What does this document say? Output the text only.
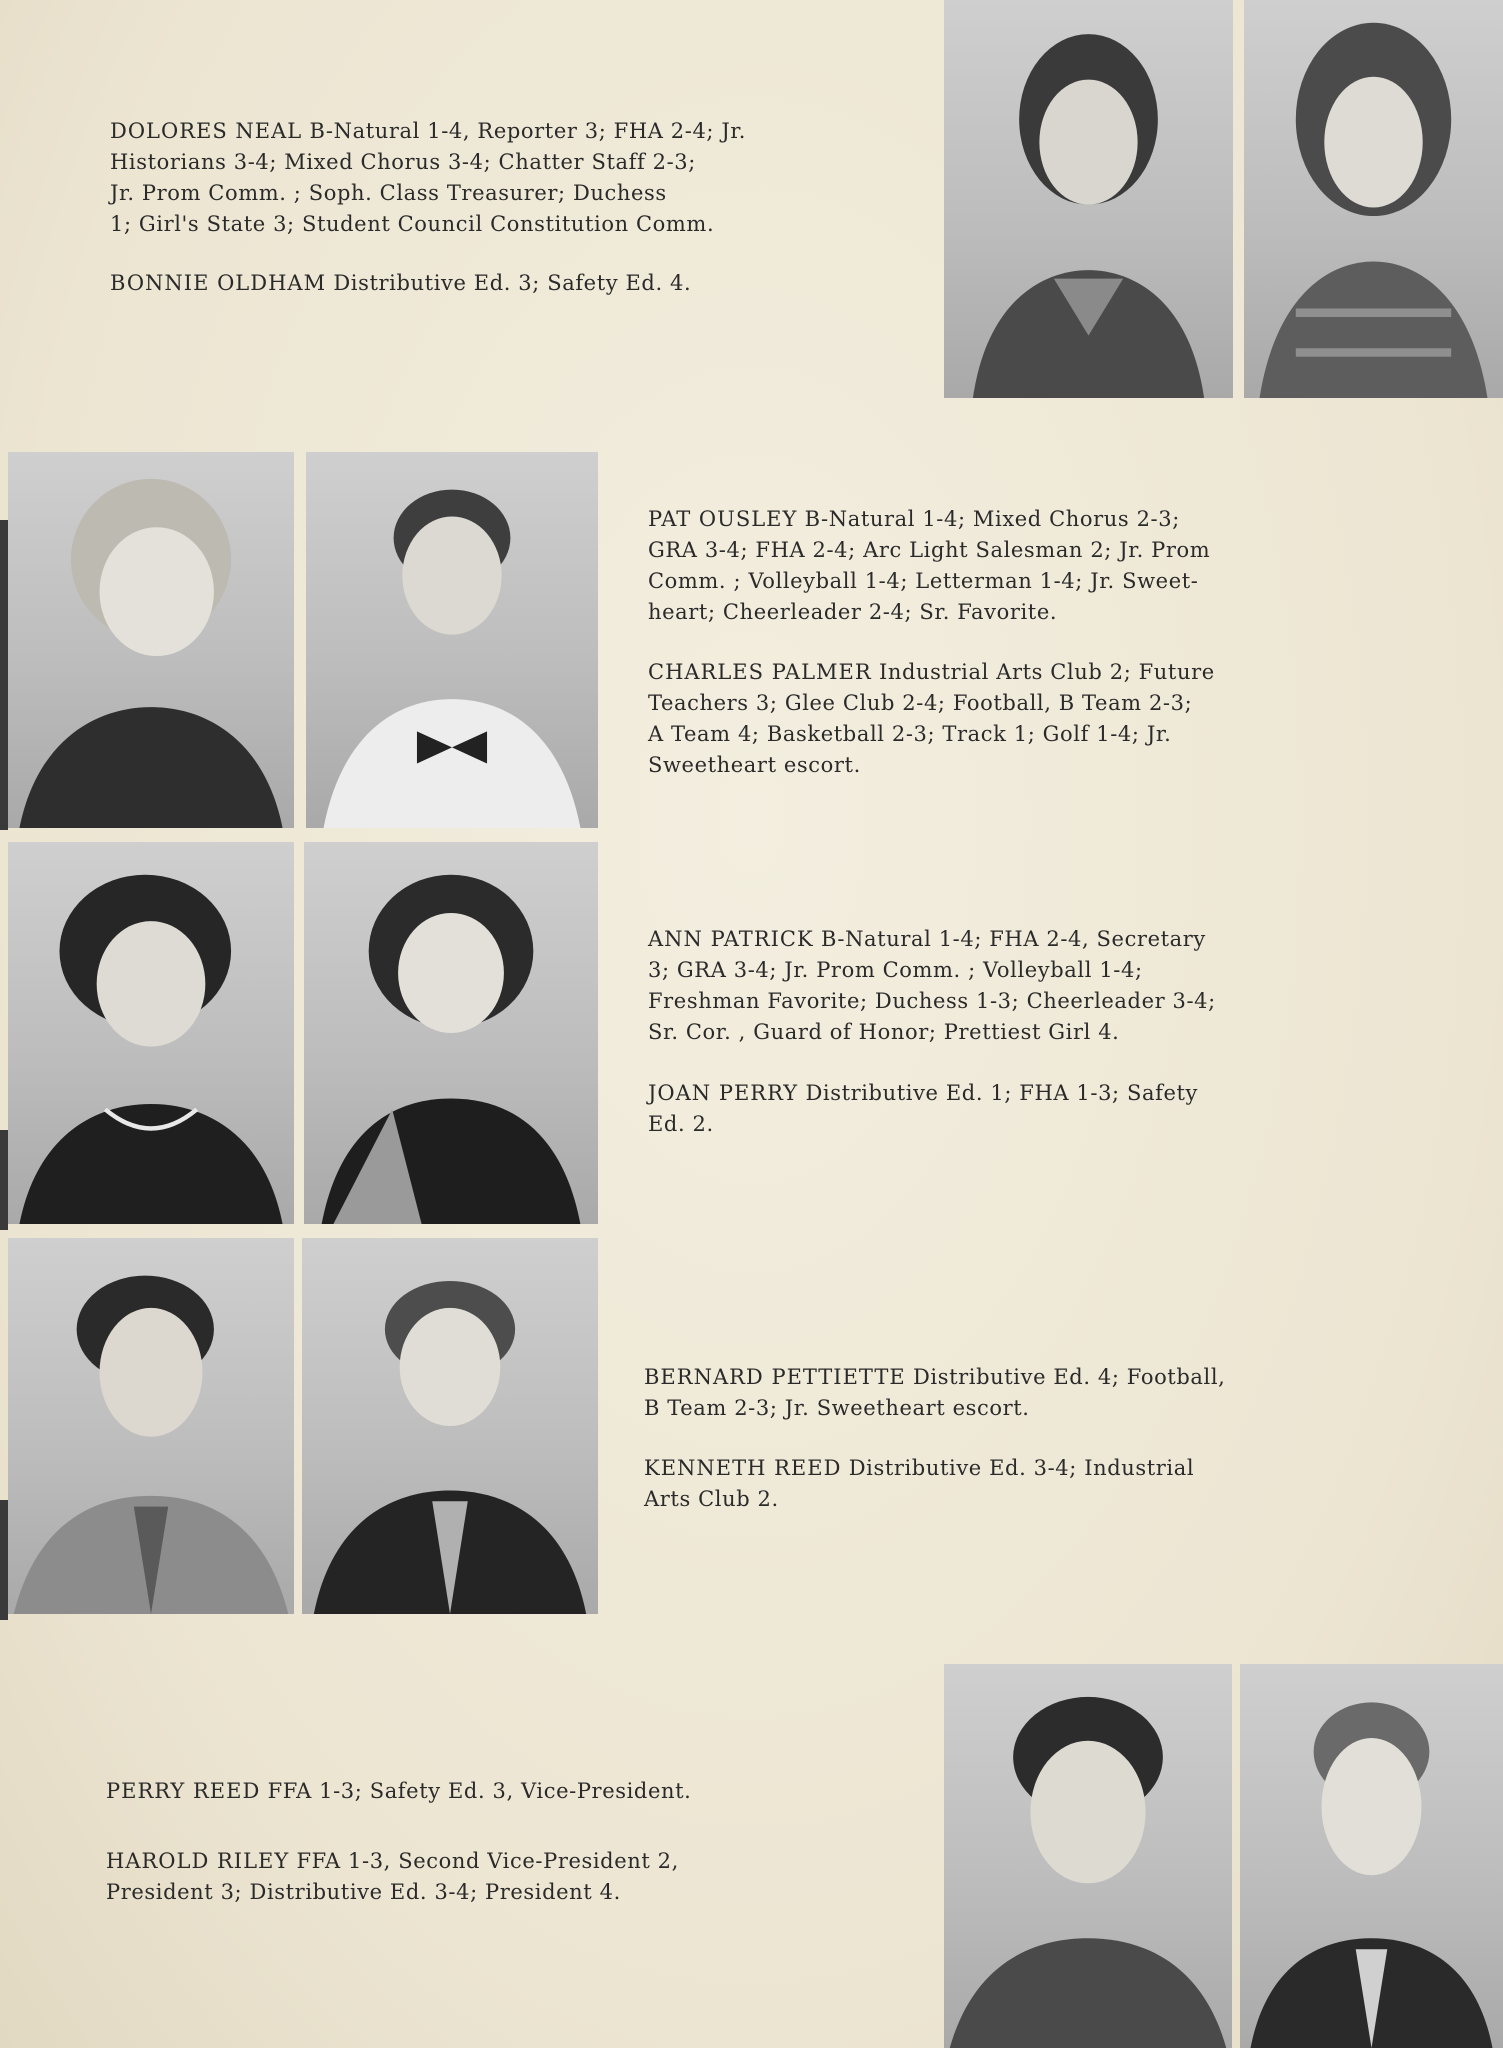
DOLORES NEAL B-Natural 1-4, Reporter 3; FHA 2-4; Jr.
Historians 3-4; Mixed Chorus 3-4; Chatter Staff 2-3;
Jr. Prom Comm. ; Soph. Class Treasurer; Duchess
1; Girl's State 3; Student Council Constitution Comm.

BONNIE OLDHAM Distributive Ed. 3; Safety Ed. 4.

PAT OUSLEY B-Natural 1-4; Mixed Chorus 2-3;
GRA 3-4; FHA 2-4; Arc Light Salesman 2; Jr. Prom
Comm. ; Volleyball 1-4; Letterman 1-4; Jr. Sweet-
heart; Cheerleader 2-4; Sr. Favorite.

CHARLES PALMER Industrial Arts Club 2; Future
Teachers 3; Glee Club 2-4; Football, B Team 2-3;
A Team 4; Basketball 2-3; Track 1; Golf 1-4; Jr.
Sweetheart escort.

ANN PATRICK B-Natural 1-4; FHA 2-4, Secretary
3; GRA 3-4; Jr. Prom Comm. ; Volleyball 1-4;
Freshman Favorite; Duchess 1-3; Cheerleader 3-4;
Sr. Cor. , Guard of Honor; Prettiest Girl 4.

JOAN PERRY Distributive Ed. 1; FHA 1-3; Safety
Ed. 2.

BERNARD PETTIETTE Distributive Ed. 4; Football,
B Team 2-3; Jr. Sweetheart escort.

KENNETH REED Distributive Ed. 3-4; Industrial
Arts Club 2.

PERRY REED FFA 1-3; Safety Ed. 3, Vice-President.

HAROLD RILEY FFA 1-3, Second Vice-President 2,
President 3; Distributive Ed. 3-4; President 4.
